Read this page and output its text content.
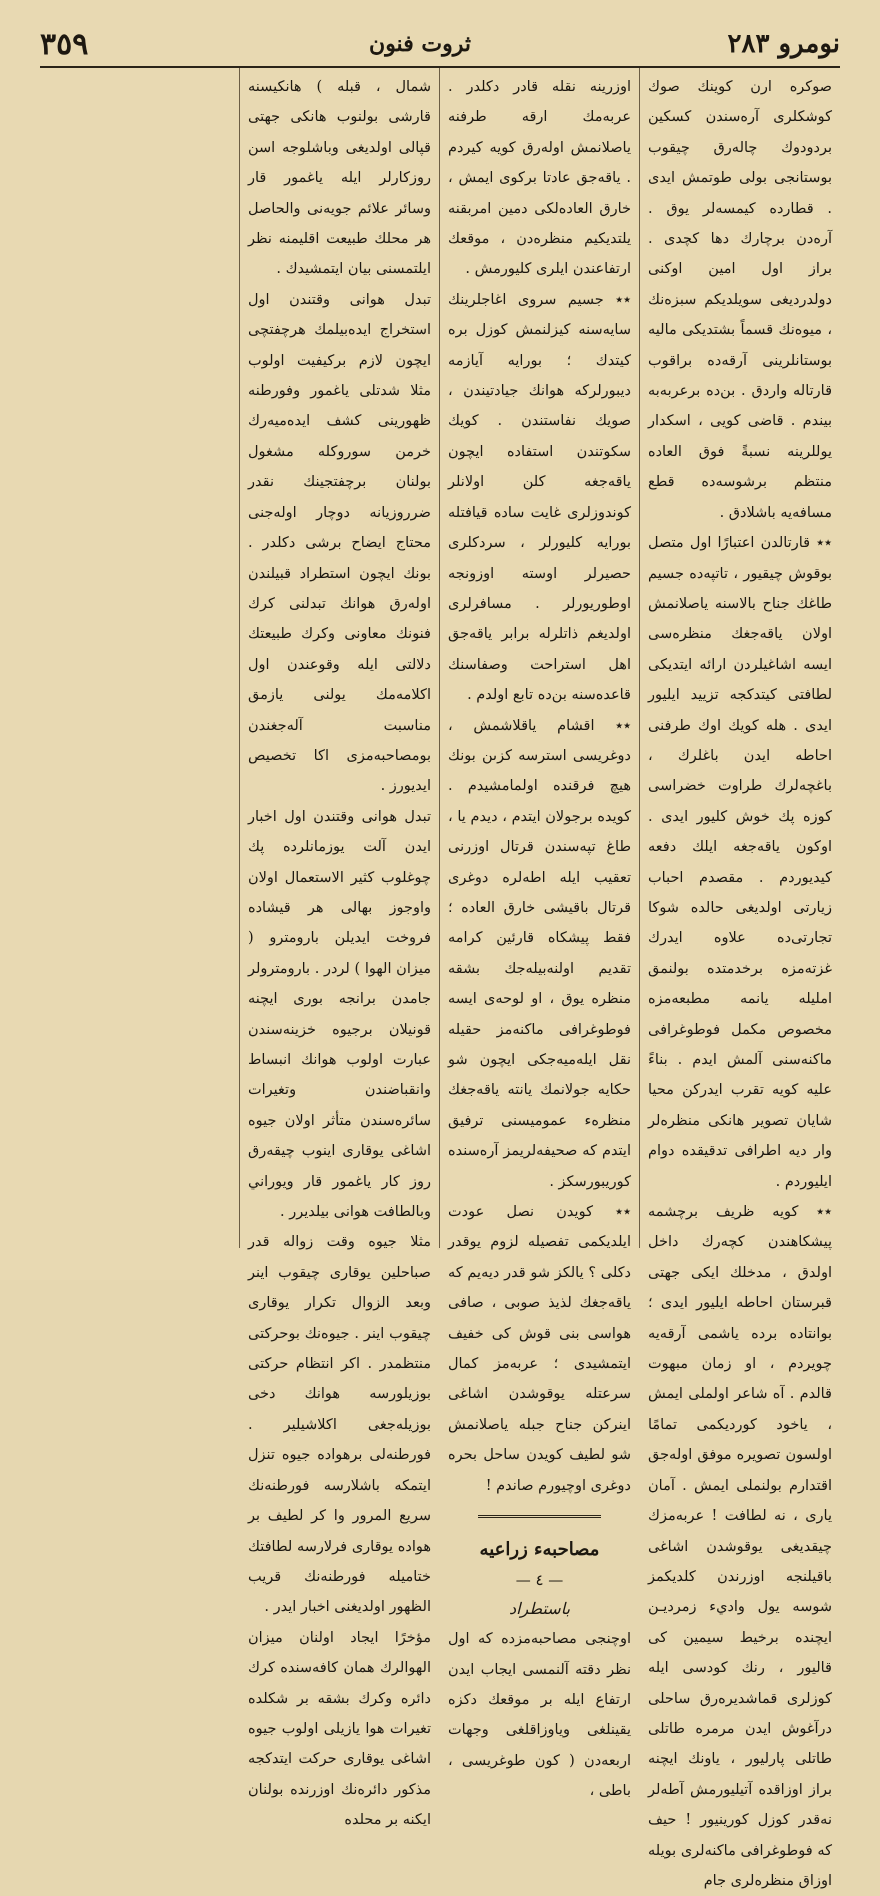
٣٥٩	ثروت فنون	نومرو ٢٨٣

صوكره ارن كوينك صوك كوشكلرى آره‌سندن كسكين بردودوك چالەرق چيقوب بوستانجى بولى طوتمش ايدى . قطارده كيمسه‌لر يوق . آره‌دن برچارك دها كچدى . براز اول امين اوكنى دولدرديغى سويلديكم سبزه‌نك ، ميوه‌نك قسماً بشتديكى ماليه بوستانلرينى آرقه‌ده براقوب قارتاله واردق . بن‌ده برعربه‌به بيندم . قاضى كويى ، اسكدار يوللرينه نسبةً فوق العاده منتظم برشوسه‌ده قطع مسافه‌يه باشلادق .

٭٭ قارتالدن اعتبارًا اول متصل بوقوش چيقيور ، تاتپه‌ده جسيم طاغك جناح بالاسنه ياصلانمش اولان ياقه‌جغك منظره‌سى ايسه اشاغيلردن ارائه ايتديكى لطافتى كيتدكجه تزييد ايليور ايدى . هله كويك اوك طرفنى احاطه ايدن باغلرك ، باغچه‌لرك طراوت خضراسى كوزه پك خوش كليور ايدى . اوكون ياقه‌جغه ايلك دفعه كيديوردم . مقصدم احباب زيارتى اولديغى حالده شوكا تجارتى‌ده علاوه ايدرك غزته‌مزه برخدمتده بولنمق امليله يانمه مطبعه‌مزه مخصوص مكمل فوطوغرافى ماكنه‌سنى آلمش ايدم . بناءً عليه كويه تقرب ايدركن محيا شايان تصوير هانكى منظره‌لر وار ديه اطرافى تدقيقده دوام ايليوردم .

٭٭ كويه ظريف برچشمه پيشكاهندن كچه‌رك داخل اولدق ، مدخلك ايكى جهتى قبرستان احاطه ايليور ايدى ؛ بوانتاده برده ياشمى آرقه‌يه چويردم ، او زمان مبهوت قالدم . آه شاعر اولملى ايمش ، ياخود كورديكمى تمامًا اولسون تصويره موفق اوله‌جق اقتدارم بولنملى ايمش . آمان يارى ، نه لطافت ! عربه‌مزك چيقديغى يوقوشدن اشاغى باقيلنجه اوزرندن كلديكمز شوسه يول واديء زمرديـن ايچنده برخيط سيمين كى قاليور ، رنك كودسى ايله كوزلرى قماشديره‌رق ساحلى درآغوش ايدن مرمره طاتلى طاتلى پارليور ، ياونك ايچنه براز اوزاقده آتيليورمش آطه‌لر نه‌قدر كوزل كورينيور ! حيف كه فوطوغرافى ماكنه‌لرى بويله اوزاق منظره‌لرى جام

اوزرينه نقله قادر دكلدر . عربه‌مك ارقه طرفنه ياصلانمش اوله‌رق كويه كيردم . ياقه‌جق عادتا بركوى ايمش ، خارق العاده‌لكى دمين امربقنه يلتديكيم منظره‌دن ، موقعك ارتفاعندن ايلرى كليورمش .

٭٭ جسيم سروى اغاجلرينك سايه‌سنه كيزلنمش كوزل بره كيتدك ؛ بورايه آيازمه ديبورلركه هوانك جيادتيندن ، صويك نفاستندن . كويك سكوتندن استفاده ايچون ياقه‌جغه كلن اولانلر كوندوزلرى غايت ساده قيافتله بورايه كليورلر ، سردكلرى حصيرلر اوسته اوزونجه اوطوريورلر . مسافرلرى اولدیغم ذاتلرله برابر ياقه‌جق اهل استراحت وصفاسنك قاعده‌سنه بن‌ده تابع اولدم .

٭٭ اقشام ياقلاشمش ، دوغريسى استرسه كزىن بونك هيچ فرقنده اولمامشيدم . كويده برجولان ايتدم ، ديدم يا ، طاغ تپه‌سندن قرتال اوزرنى تعقيب ايله اطه‌لره دوغرى قرتال باقيشى خارق العاده ؛ فقط پيشكاه قارئين كرامه تقديم اولنه‌بيله‌جك بشقه منظره يوق ، او لوحه‌ى ايسه فوطوغرافى ماكنه‌مز حقيله نقل ايله‌ميه‌جكى ايچون شو حكايه جولانمك يانته ياقه‌جغك منظرهء عموميسنى ترفيق ايتدم كه صحيفه‌لريمز آره‌سنده كوريبورسكز .

٭٭ كويدن نصل عودت ايلديكمى تفصيله لزوم يوقدر دكلى ؟ يالكز شو قدر ديه‌يم كه ياقه‌جغك لذيذ صوبى ، صافى هواسى بنى قوش كى خفيف ايتمشيدى ؛ عربه‌مز كمال سرعتله يوقوشدن اشاغى اينركن جناح جبله ياصلانمش شو لطيف كويدن ساحل بحره دوغرى اوچيورم صاندم !

مصاحبهء زراعيه
— ٤ —
باستطراد

اوچنجى مصاحبه‌مزده كه اول نظر دقته آلنمسى ايجاب ايدن ارتفاع ايله بر موقعك دكزه يقينلغى وياوزاقلغى وجهات اربعه‌دن ( كون طوغريسى ، باطى ،

شمال ، قبله ) هانكيسنه قارشى بولنوب هانكى جهتى قپالى اولديغى وباشلوجه اسن روزكارلر ايله ياغمور قار وسائر علائم جويه‌نى والحاصل هر محلك طبيعت اقليمنه نظر ايلتمسنى بيان ايتمشيدك .

تبدل هوانى وقتندن اول استخراج ايده‌بيلمك هرچفتچى ايچون لازم بركيفيت اولوب مثلا شدتلى ياغمور وفورطنه ظهورينى كشف ايده‌ميه‌رك خرمن سوروكله مشغول بولنان برچفتجينك نقدر ضرروزيانه دوچار اوله‌جنى محتاج ايضاح برشى دكلدر . بونك ايچون استطراد قبيلندن اوله‌رق هوانك تبدلنى كرك فنونك معاونى وكرك طبيعتك دلالتى ايله وقوعندن اول اكلامه‌مك يولنى يازمق مناسبت آله‌جغندن بومصاحبه‌مزى اكا تخصيص ايديورز .

تبدل هوانى وقتندن اول اخبار ايدن آلت يوزمانلرده پك چوغلوب كثير الاستعمال اولان واوجوز بهالى هر قيشاده فروخت ايديلن بارومترو ( ميزان الهوا ) لردر . بارومترولر جامدن برانجه بورى ايچنه قونيلان برجيوه خزينه‌سندن عبارت اولوب هوانك انبساط وانقباضندن وتغيرات سائره‌سندن متأثر اولان جيوه اشاغى يوقارى اينوب چيقه‌رق روز كار ياغمور قار ويوراني وبالطافت هوانى بيلديرر .

مثلا جيوه وقت زواله قدر صباحلين يوقارى چيقوب اينر وبعد الزوال تكرار يوقارى چيقوب اينر . جيوه‌نك بوحركتى منتظمدر . اكر انتظام حركتى بوزيلورسه هوانك دخى بوزيله‌جغى اكلاشيلير . فورطنه‌لى برهواده جيوه تنزل ايتمكه باشلارسه فورطنه‌نك سريع المرور وا كر لطيف بر هواده يوقارى فرلارسه لطافتك ختاميله فورطنه‌نك قريب الظهور اولديغنى اخبار ايدر .

مؤخرًا ايجاد اولنان ميزان الهوالرك همان كافه‌سنده كرك دائره وكرك بشقه بر شكلده تغيرات هوا يازيلى اولوب جيوه اشاغى يوقارى حركت ايتدكجه مذكور دائره‌نك اوزرنده بولنان ايكنه بر محلده
